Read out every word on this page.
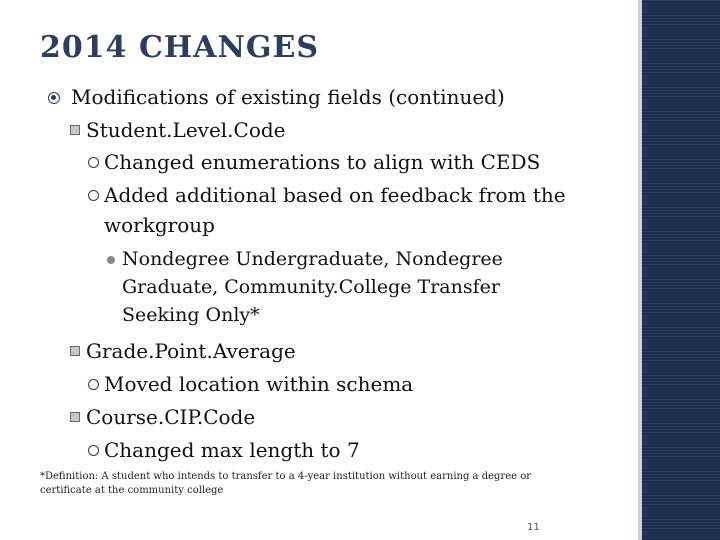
2014 CHANGES
Modifications of existing fields (continued)
Student.Level.Code
Changed enumerations to align with CEDS
Added additional based on feedback from the
workgroup
Nondegree Undergraduate, Nondegree
Graduate, Community.College Transfer
Seeking Only*
Grade.Point.Average
Moved location within schema
Course.CIP.Code
Changed max length to 7
*Definition: A student who intends to transfer to a 4-year institution without earning a degree or
certificate at the community college
11
